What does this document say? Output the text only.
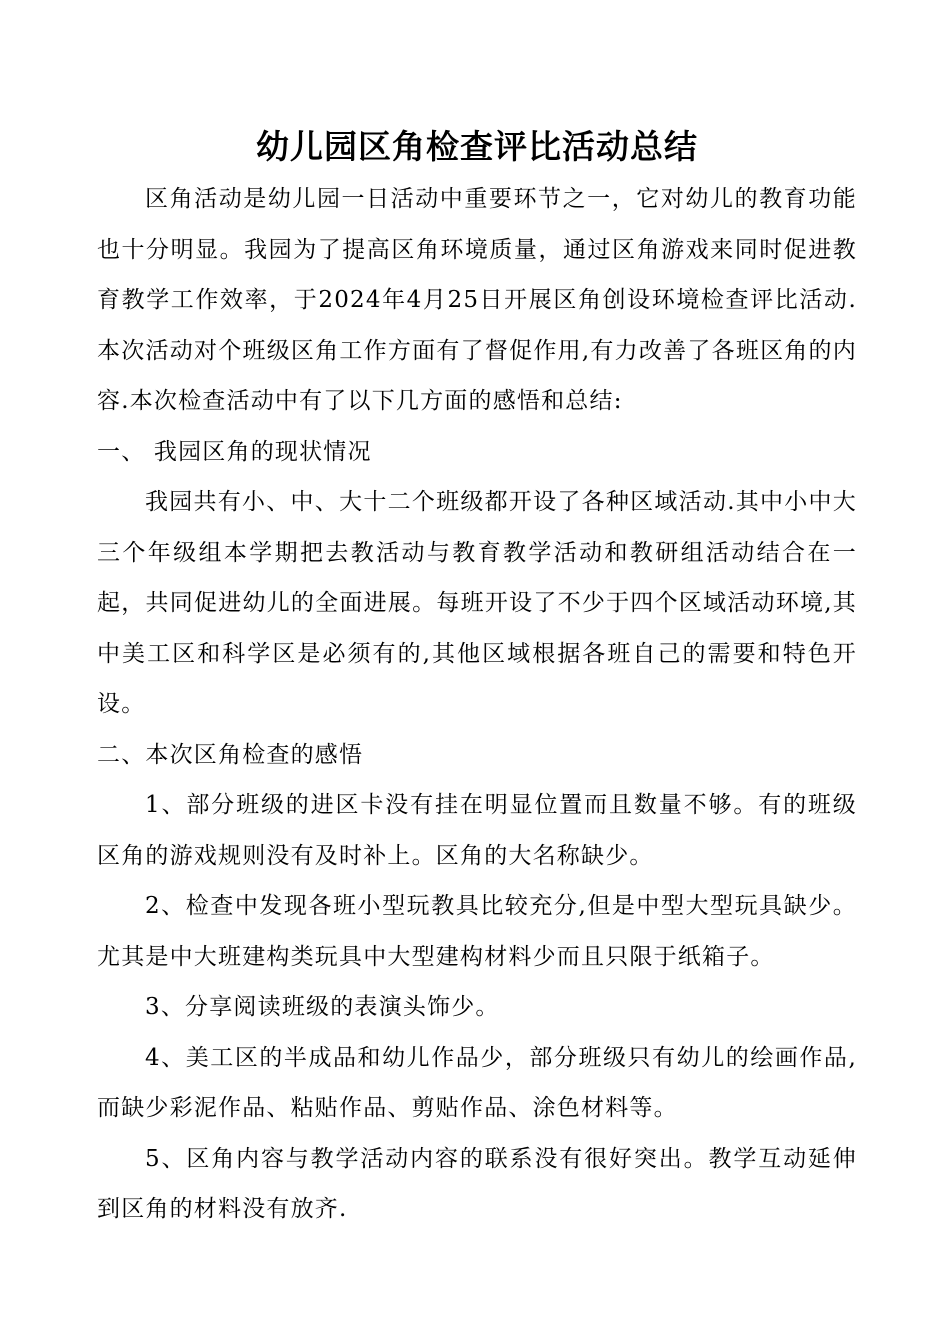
幼儿园区角检查评比活动总结

区角活动是幼儿园一日活动中重要环节之一，它对幼儿的教育功能也十分明显。我园为了提高区角环境质量，通过区角游戏来同时促进教育教学工作效率，于2024年4月25日开展区角创设环境检查评比活动.本次活动对个班级区角工作方面有了督促作用,有力改善了各班区角的内容.本次检查活动中有了以下几方面的感悟和总结:

一、 我园区角的现状情况

我园共有小、中、大十二个班级都开设了各种区域活动.其中小中大三个年级组本学期把去教活动与教育教学活动和教研组活动结合在一起，共同促进幼儿的全面进展。每班开设了不少于四个区域活动环境,其中美工区和科学区是必须有的,其他区域根据各班自己的需要和特色开设。

二、本次区角检查的感悟

1、部分班级的进区卡没有挂在明显位置而且数量不够。有的班级区角的游戏规则没有及时补上。区角的大名称缺少。

2、检查中发现各班小型玩教具比较充分,但是中型大型玩具缺少。尤其是中大班建构类玩具中大型建构材料少而且只限于纸箱子。

3、分享阅读班级的表演头饰少。

4、美工区的半成品和幼儿作品少，部分班级只有幼儿的绘画作品,而缺少彩泥作品、粘贴作品、剪贴作品、涂色材料等。

5、区角内容与教学活动内容的联系没有很好突出。教学互动延伸到区角的材料没有放齐.
